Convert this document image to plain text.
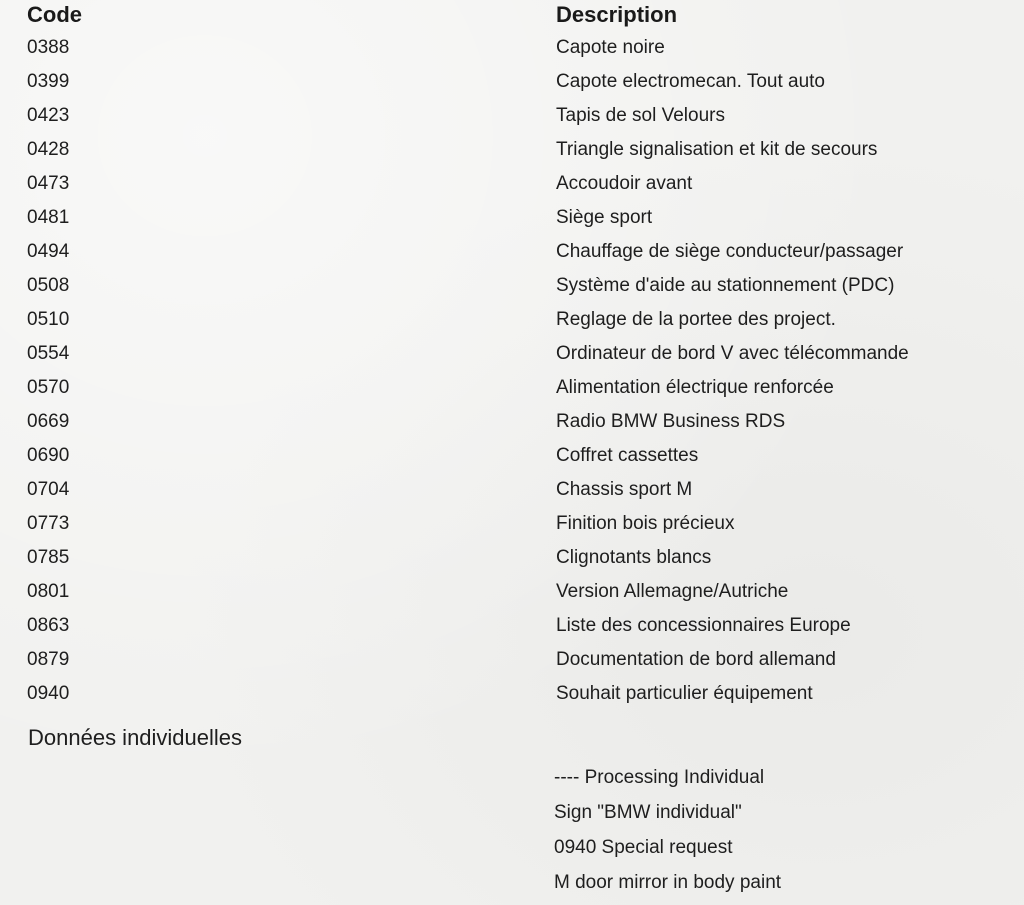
Code	Description
0388	Capote noire
0399	Capote electromecan. Tout auto
0423	Tapis de sol Velours
0428	Triangle signalisation et kit de secours
0473	Accoudoir avant
0481	Siège sport
0494	Chauffage de siège conducteur/passager
0508	Système d'aide au stationnement (PDC)
0510	Reglage de la portee des project.
0554	Ordinateur de bord V avec télécommande
0570	Alimentation électrique renforcée
0669	Radio BMW Business RDS
0690	Coffret cassettes
0704	Chassis sport M
0773	Finition bois précieux
0785	Clignotants blancs
0801	Version Allemagne/Autriche
0863	Liste des concessionnaires Europe
0879	Documentation de bord allemand
0940	Souhait particulier équipement
Données individuelles
---- Processing Individual
Sign "BMW individual"
0940 Special request
M door mirror in body paint
